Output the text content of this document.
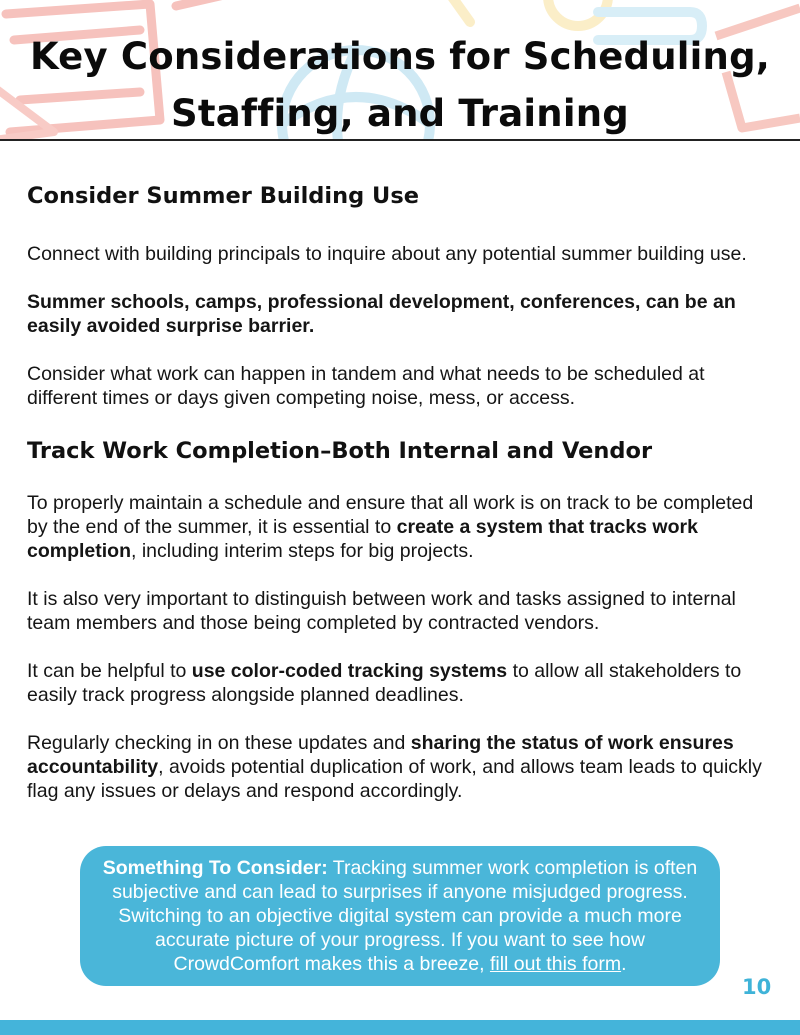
Key Considerations for Scheduling,
Staffing, and Training
Consider Summer Building Use

Connect with building principals to inquire about any potential summer building use.

Summer schools, camps, professional development, conferences, can be an easily avoided surprise barrier.

Consider what work can happen in tandem and what needs to be scheduled at different times or days given competing noise, mess, or access.

Track Work Completion–Both Internal and Vendor

To properly maintain a schedule and ensure that all work is on track to be completed by the end of the summer, it is essential to create a system that tracks work completion, including interim steps for big projects.

It is also very important to distinguish between work and tasks assigned to internal team members and those being completed by contracted vendors.

It can be helpful to use color-coded tracking systems to allow all stakeholders to easily track progress alongside planned deadlines.

Regularly checking in on these updates and sharing the status of work ensures accountability, avoids potential duplication of work, and allows team leads to quickly flag any issues or delays and respond accordingly.

Something To Consider: Tracking summer work completion is often subjective and can lead to surprises if anyone misjudged progress. Switching to an objective digital system can provide a much more accurate picture of your progress. If you want to see how CrowdComfort makes this a breeze, fill out this form.

10
